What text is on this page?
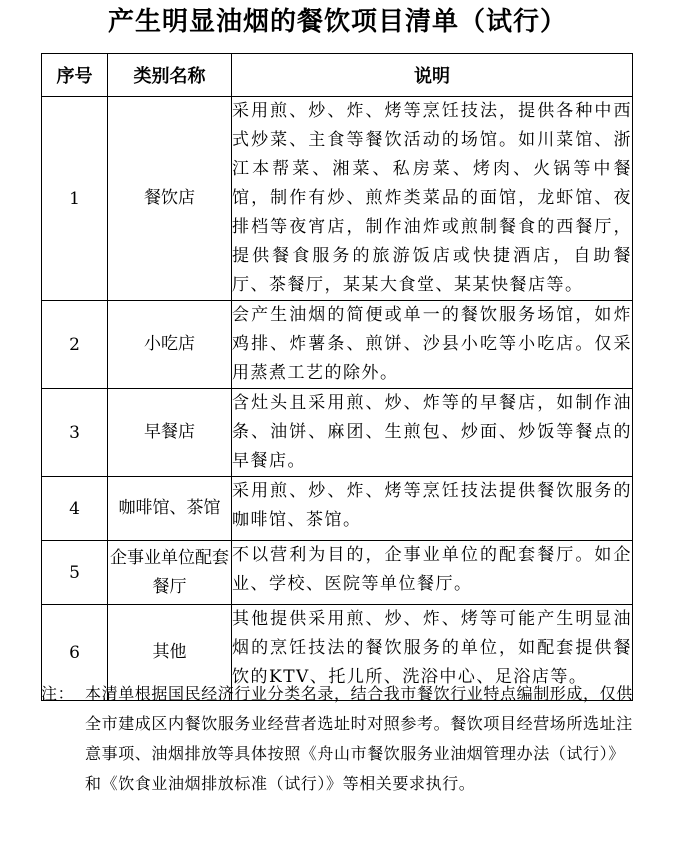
产生明显油烟的餐饮项目清单（试行）
序号	类别名称	说明
1	餐饮店	采用煎、炒、炸、烤等烹饪技法，提供各种中西式炒菜、主食等餐饮活动的场馆。如川菜馆、浙江本帮菜、湘菜、私房菜、烤肉、火锅等中餐馆，制作有炒、煎炸类菜品的面馆，龙虾馆、夜排档等夜宵店，制作油炸或煎制餐食的西餐厅，提供餐食服务的旅游饭店或快捷酒店，自助餐厅、茶餐厅，某某大食堂、某某快餐店等。
2	小吃店	会产生油烟的简便或单一的餐饮服务场馆，如炸鸡排、炸薯条、煎饼、沙县小吃等小吃店。仅采用蒸煮工艺的除外。
3	早餐店	含灶头且采用煎、炒、炸等的早餐店，如制作油条、油饼、麻团、生煎包、炒面、炒饭等餐点的早餐店。
4	咖啡馆、茶馆	采用煎、炒、炸、烤等烹饪技法提供餐饮服务的咖啡馆、茶馆。
5	企事业单位配套餐厅	不以营利为目的，企事业单位的配套餐厅。如企业、学校、医院等单位餐厅。
6	其他	其他提供采用煎、炒、炸、烤等可能产生明显油烟的烹饪技法的餐饮服务的单位，如配套提供餐饮的KTV、托儿所、洗浴中心、足浴店等。
注： 本清单根据国民经济行业分类名录，结合我市餐饮行业特点编制形成，仅供全市建成区内餐饮服务业经营者选址时对照参考。餐饮项目经营场所选址注意事项、油烟排放等具体按照《舟山市餐饮服务业油烟管理办法（试行）》和《饮食业油烟排放标准（试行）》等相关要求执行。
